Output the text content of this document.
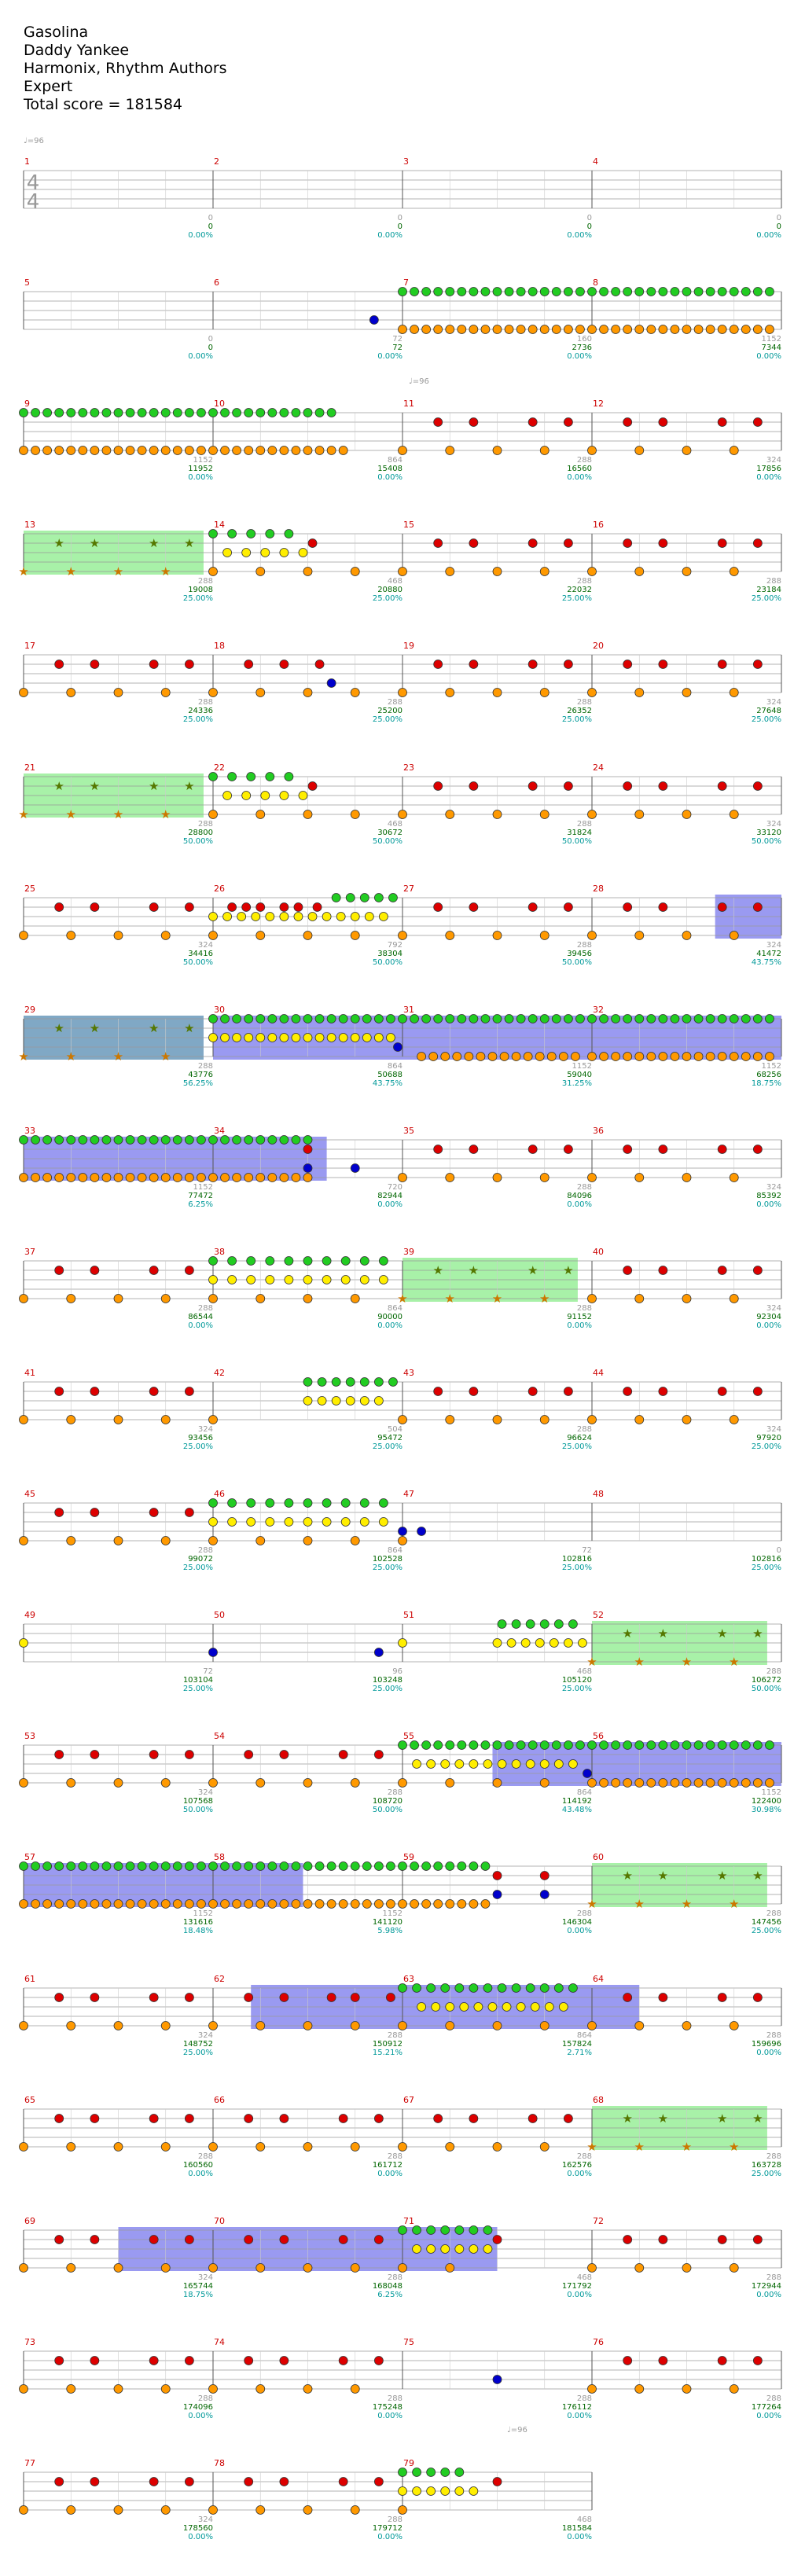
Gasolina
Daddy Yankee
Harmonix, Rhythm Authors
Expert
Total score = 181584
1
0
0
0.00%
2
0
0
0.00%
3
0
0
0.00%
4
0
0
0.00%
5
0
0
0.00%
6
72
72
0.00%
7
160
2736
0.00%
8
1152
7344
0.00%
9
1152
11952
0.00%
10
864
15408
0.00%
11
288
16560
0.00%
12
324
17856
0.00%
13
288
19008
25.00%
14
468
20880
25.00%
15
288
22032
25.00%
16
288
23184
25.00%
17
288
24336
25.00%
18
288
25200
25.00%
19
288
26352
25.00%
20
324
27648
25.00%
21
288
28800
50.00%
22
468
30672
50.00%
23
288
31824
50.00%
24
324
33120
50.00%
25
324
34416
50.00%
26
792
38304
50.00%
27
288
39456
50.00%
28
324
41472
43.75%
29
288
43776
56.25%
30
864
50688
43.75%
31
1152
59040
31.25%
32
1152
68256
18.75%
33
1152
77472
6.25%
34
720
82944
0.00%
35
288
84096
0.00%
36
324
85392
0.00%
37
288
86544
0.00%
38
864
90000
0.00%
39
288
91152
0.00%
40
324
92304
0.00%
41
324
93456
25.00%
42
504
95472
25.00%
43
288
96624
25.00%
44
324
97920
25.00%
45
288
99072
25.00%
46
864
102528
25.00%
47
72
102816
25.00%
48
0
102816
25.00%
49
72
103104
25.00%
50
96
103248
25.00%
51
468
105120
25.00%
52
288
106272
50.00%
53
324
107568
50.00%
54
288
108720
50.00%
55
864
114192
43.48%
56
1152
122400
30.98%
57
1152
131616
18.48%
58
1152
141120
5.98%
59
288
146304
0.00%
60
288
147456
25.00%
61
324
148752
25.00%
62
288
150912
15.21%
63
864
157824
2.71%
64
288
159696
0.00%
65
288
160560
0.00%
66
288
161712
0.00%
67
288
162576
0.00%
68
288
163728
25.00%
69
324
165744
18.75%
70
288
168048
6.25%
71
468
171792
0.00%
72
288
172944
0.00%
73
288
174096
0.00%
74
288
175248
0.00%
75
288
176112
0.00%
76
288
177264
0.00%
77
324
178560
0.00%
78
288
179712
0.00%
79
468
181584
0.00%
4
4
♩=96
♩=96
♩=96
★ ★	★ ★
★	★	★	★
★ ★	★ ★
★	★	★	★
★ ★	★ ★
★	★	★	★
★ ★	★ ★
★	★	★	★
★ ★	★ ★
★	★	★	★
★ ★	★ ★
★	★	★	★
★ ★	★ ★
★	★	★	★
